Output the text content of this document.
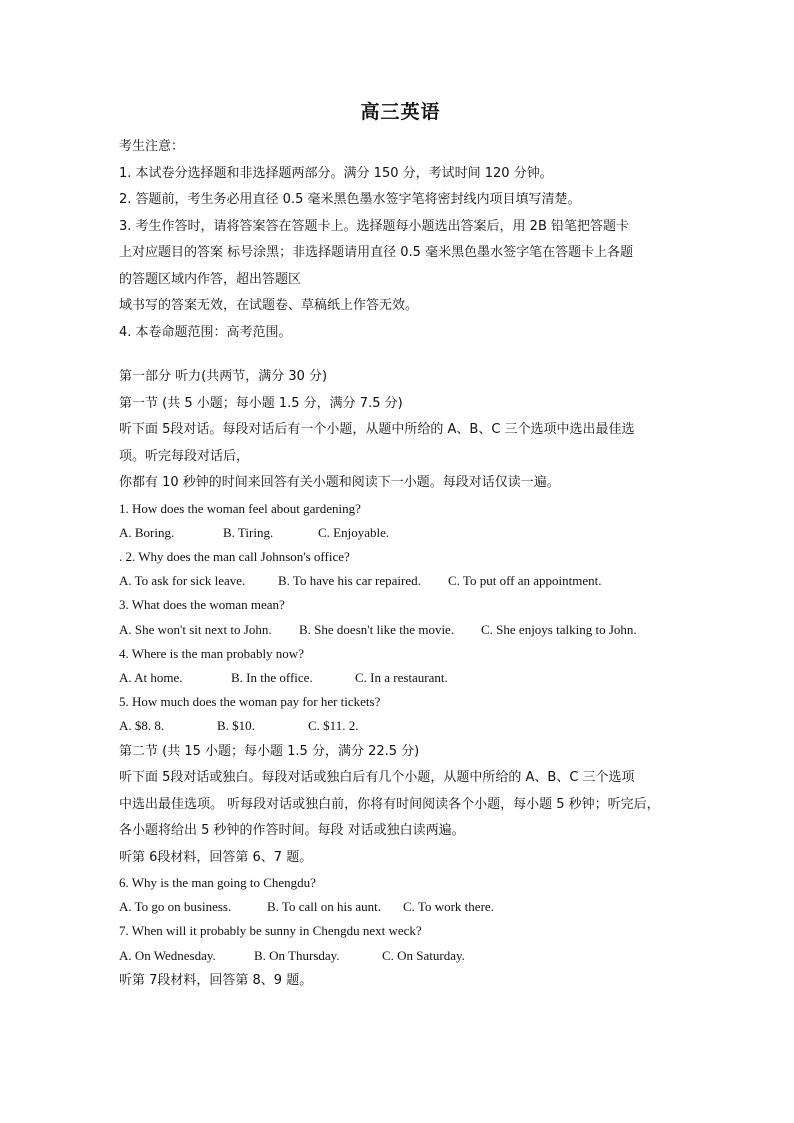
高三英语

考生注意：

1. 本试卷分选择题和非选择题两部分。满分 150 分，考试时间 120 分钟。

2. 答题前，考生务必用直径 0.5 毫米黑色墨水签字笔将密封线内项目填写清楚。

3. 考生作答时，请将答案答在答题卡上。选择题每小题选出答案后，用 2B 铅笔把答题卡

上对应题目的答案 标号涂黑；非选择题请用直径 0.5 毫米黑色墨水签字笔在答题卡上各题

的答题区域内作答，超出答题区

域书写的答案无效，在试题卷、草稿纸上作答无效。

4. 本卷命题范围：高考范围。

第一部分 听力(共两节，满分 30 分)

第一节 (共 5 小题；每小题 1.5 分，满分 7.5 分)

听下面 5段对话。每段对话后有一个小题，从题中所给的 A、B、C 三个选项中选出最佳选

项。听完每段对话后，

你都有 10 秒钟的时间来回答有关小题和阅读下一小题。每段对话仅读一遍。

1. How does the woman feel about gardening?

A. Boring.	B. Tiring.	C. Enjoyable.

. 2. Why does the man call Johnson's office?

A. To ask for sick leave.	B. To have his car repaired.	C. To put off an appointment.

3. What does the woman mean?

A. She won't sit next to John.	B. She doesn't like the movie.	C. She enjoys talking to John.

4. Where is the man probably now?

A. At home.	B. In the office.	C. In a restaurant.

5. How much does the woman pay for her tickets?

A. $8. 8.	B. $10.	C. $11. 2.

第二节 (共 15 小题；每小题 1.5 分，满分 22.5 分)

听下面 5段对话或独白。每段对话或独白后有几个小题，从题中所给的 A、B、C 三个选项

中选出最佳选项。 听每段对话或独白前，你将有时间阅读各个小题，每小题 5 秒钟；听完后，

各小题将给出 5 秒钟的作答时间。每段 对话或独白读两遍。

听第 6段材料，回答第 6、7 题。

6. Why is the man going to Chengdu?

A. To go on business.	B. To call on his aunt.	C. To work there.

7. When will it probably be sunny in Chengdu next weck?

A. On Wednesday.	B. On Thursday.	C. On Saturday.

听第 7段材料，回答第 8、9 题。
